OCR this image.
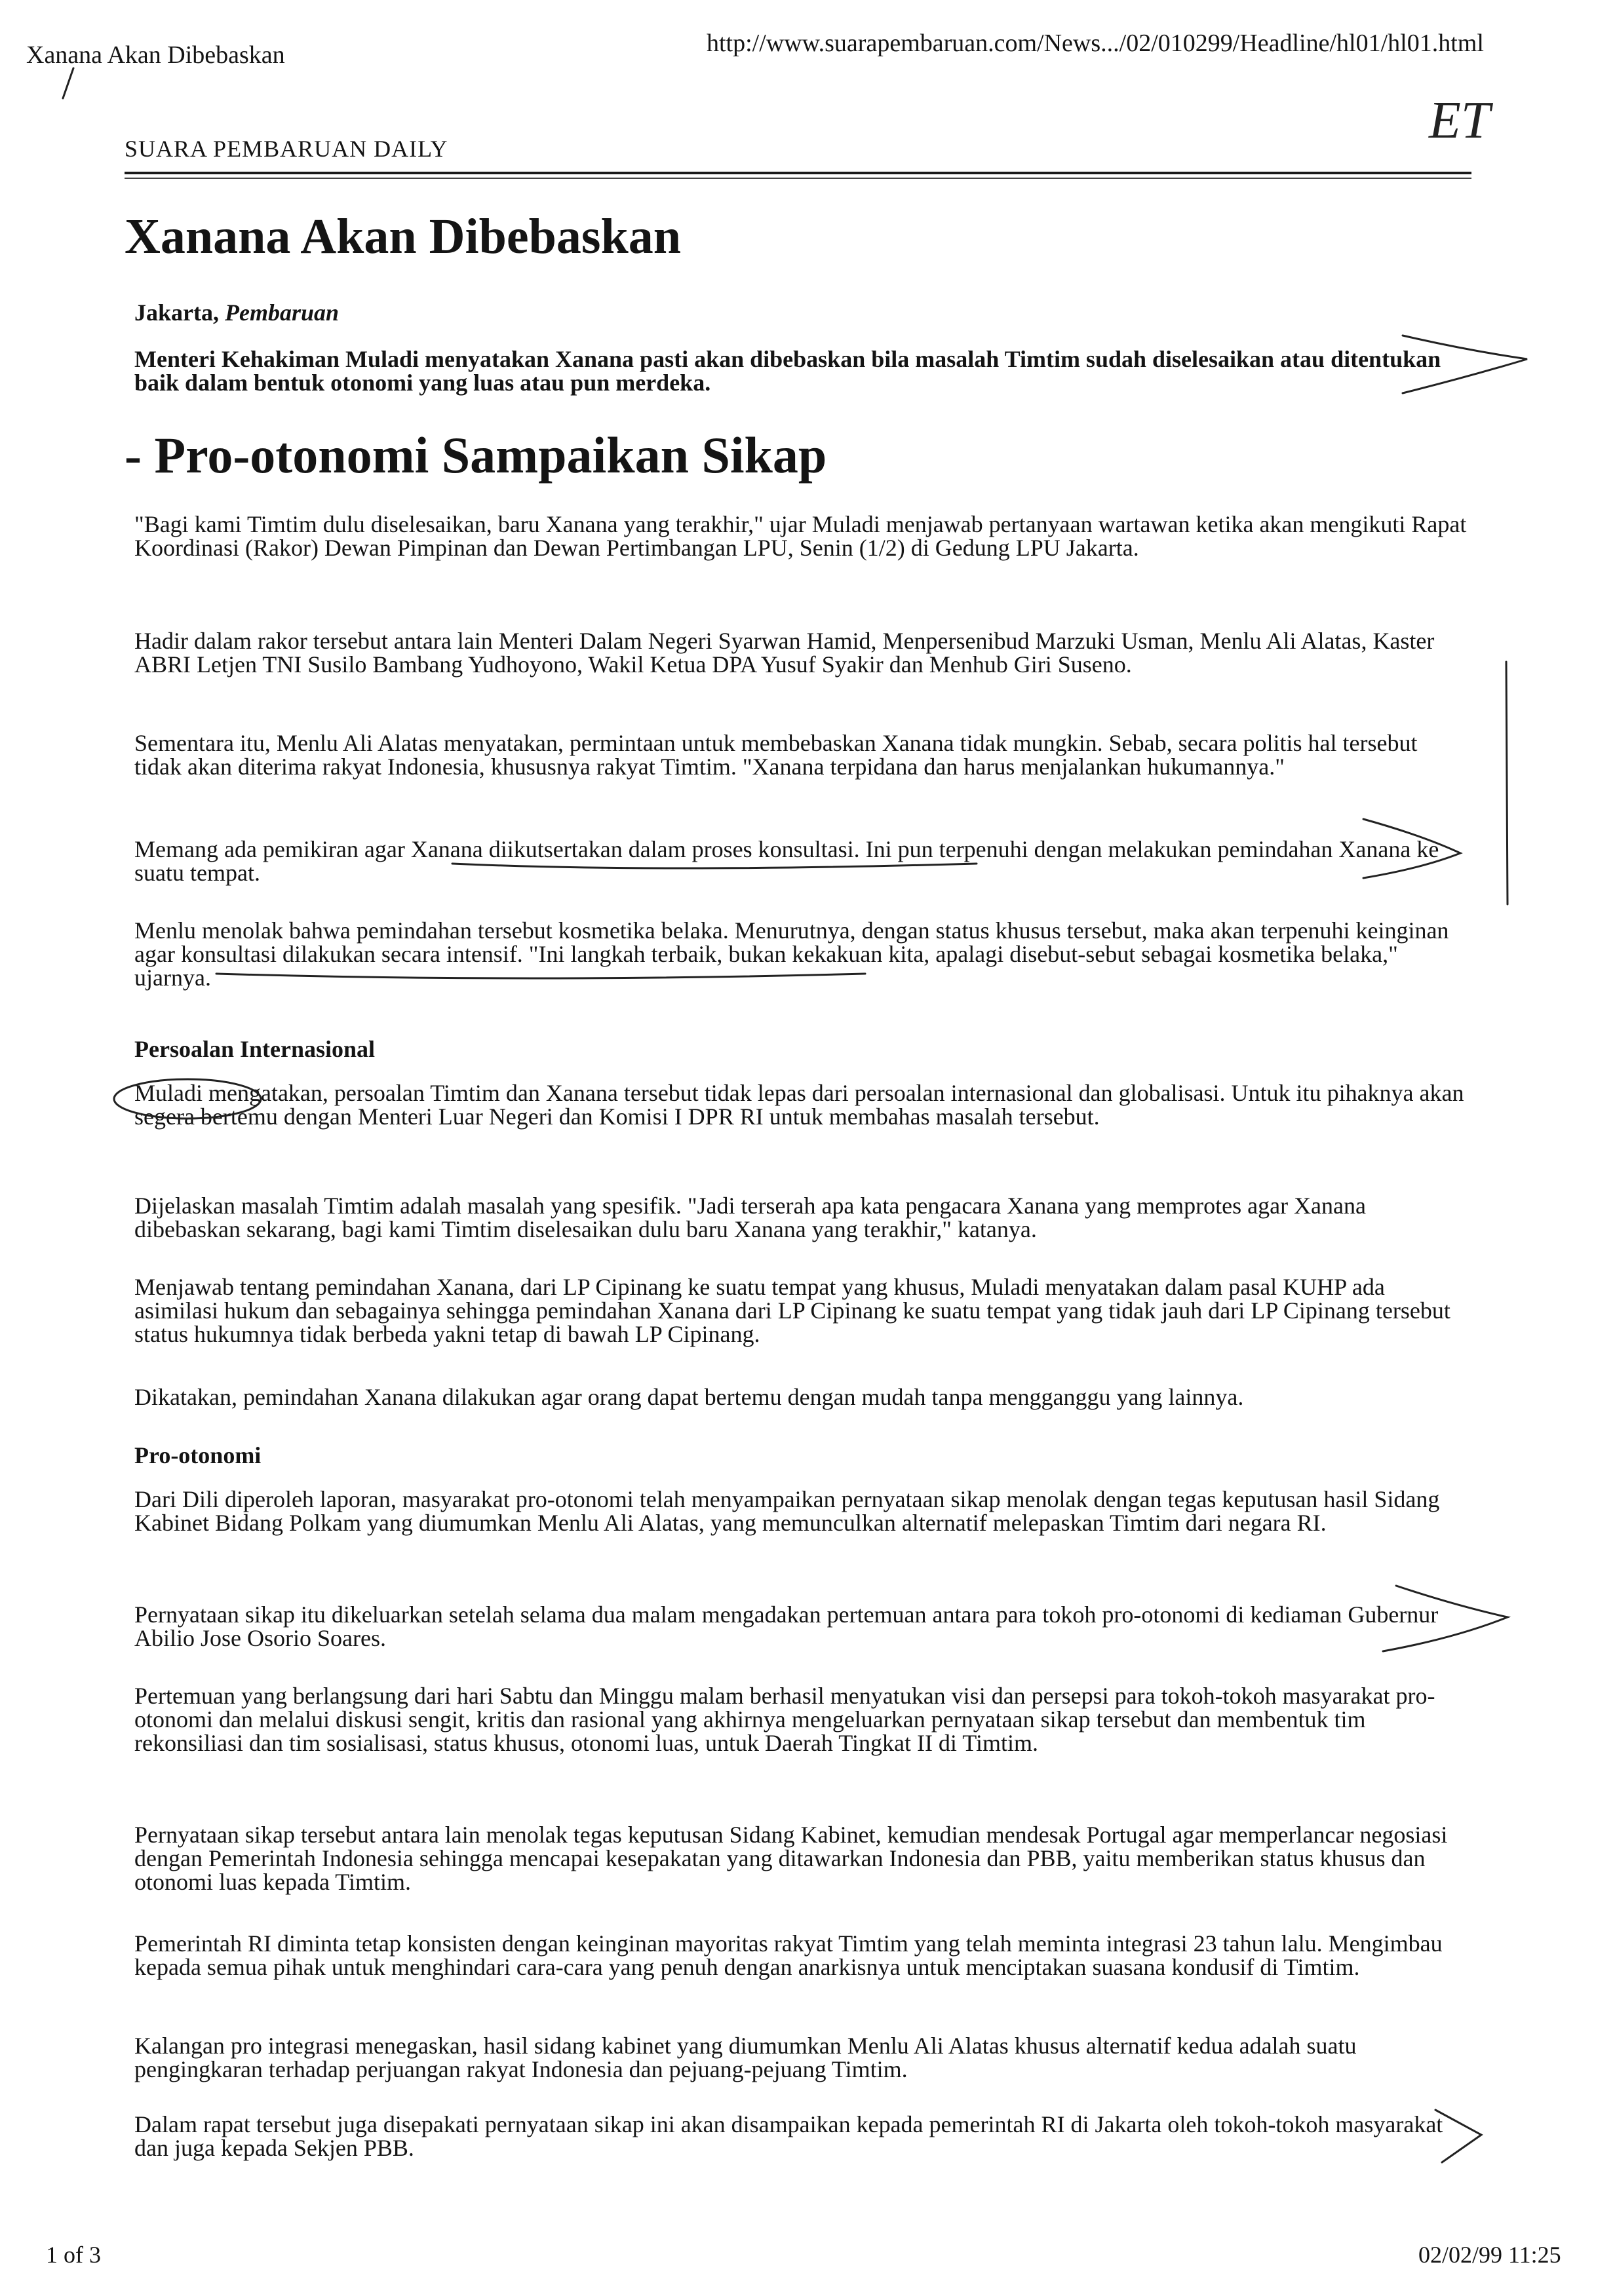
Xanana Akan Dibebaskan	http://www.suarapembaruan.com/News.../02/010299/Headline/hl01/hl01.html
SUARA PEMBARUAN DAILY
Xanana Akan Dibebaskan
Jakarta, Pembaruan
Menteri Kehakiman Muladi menyatakan Xanana pasti akan dibebaskan bila masalah Timtim sudah diselesaikan atau ditentukan baik dalam bentuk otonomi yang luas atau pun merdeka.
- Pro-otonomi Sampaikan Sikap
"Bagi kami Timtim dulu diselesaikan, baru Xanana yang terakhir," ujar Muladi menjawab pertanyaan wartawan ketika akan mengikuti Rapat Koordinasi (Rakor) Dewan Pimpinan dan Dewan Pertimbangan LPU, Senin (1/2) di Gedung LPU Jakarta.
Hadir dalam rakor tersebut antara lain Menteri Dalam Negeri Syarwan Hamid, Menpersenibud Marzuki Usman, Menlu Ali Alatas, Kaster ABRI Letjen TNI Susilo Bambang Yudhoyono, Wakil Ketua DPA Yusuf Syakir dan Menhub Giri Suseno.
Sementara itu, Menlu Ali Alatas menyatakan, permintaan untuk membebaskan Xanana tidak mungkin. Sebab, secara politis hal tersebut tidak akan diterima rakyat Indonesia, khususnya rakyat Timtim. "Xanana terpidana dan harus menjalankan hukumannya."
Memang ada pemikiran agar Xanana diikutsertakan dalam proses konsultasi. Ini pun terpenuhi dengan melakukan pemindahan Xanana ke suatu tempat.
Menlu menolak bahwa pemindahan tersebut kosmetika belaka. Menurutnya, dengan status khusus tersebut, maka akan terpenuhi keinginan agar konsultasi dilakukan secara intensif. "Ini langkah terbaik, bukan kekakuan kita, apalagi disebut-sebut sebagai kosmetika belaka," ujarnya.
Persoalan Internasional
Muladi mengatakan, persoalan Timtim dan Xanana tersebut tidak lepas dari persoalan internasional dan globalisasi. Untuk itu pihaknya akan segera bertemu dengan Menteri Luar Negeri dan Komisi I DPR RI untuk membahas masalah tersebut.
Dijelaskan masalah Timtim adalah masalah yang spesifik. "Jadi terserah apa kata pengacara Xanana yang memprotes agar Xanana dibebaskan sekarang, bagi kami Timtim diselesaikan dulu baru Xanana yang terakhir," katanya.
Menjawab tentang pemindahan Xanana, dari LP Cipinang ke suatu tempat yang khusus, Muladi menyatakan dalam pasal KUHP ada asimilasi hukum dan sebagainya sehingga pemindahan Xanana dari LP Cipinang ke suatu tempat yang tidak jauh dari LP Cipinang tersebut status hukumnya tidak berbeda yakni tetap di bawah LP Cipinang.
Dikatakan, pemindahan Xanana dilakukan agar orang dapat bertemu dengan mudah tanpa mengganggu yang lainnya.
Pro-otonomi
Dari Dili diperoleh laporan, masyarakat pro-otonomi telah menyampaikan pernyataan sikap menolak dengan tegas keputusan hasil Sidang Kabinet Bidang Polkam yang diumumkan Menlu Ali Alatas, yang memunculkan alternatif melepaskan Timtim dari negara RI.
Pernyataan sikap itu dikeluarkan setelah selama dua malam mengadakan pertemuan antara para tokoh pro-otonomi di kediaman Gubernur Abilio Jose Osorio Soares.
Pertemuan yang berlangsung dari hari Sabtu dan Minggu malam berhasil menyatukan visi dan persepsi para tokoh-tokoh masyarakat pro-otonomi dan melalui diskusi sengit, kritis dan rasional yang akhirnya mengeluarkan pernyataan sikap tersebut dan membentuk tim rekonsiliasi dan tim sosialisasi, status khusus, otonomi luas, untuk Daerah Tingkat II di Timtim.
Pernyataan sikap tersebut antara lain menolak tegas keputusan Sidang Kabinet, kemudian mendesak Portugal agar memperlancar negosiasi dengan Pemerintah Indonesia sehingga mencapai kesepakatan yang ditawarkan Indonesia dan PBB, yaitu memberikan status khusus dan otonomi luas kepada Timtim.
Pemerintah RI diminta tetap konsisten dengan keinginan mayoritas rakyat Timtim yang telah meminta integrasi 23 tahun lalu. Mengimbau kepada semua pihak untuk menghindari cara-cara yang penuh dengan anarkisnya untuk menciptakan suasana kondusif di Timtim.
Kalangan pro integrasi menegaskan, hasil sidang kabinet yang diumumkan Menlu Ali Alatas khusus alternatif kedua adalah suatu pengingkaran terhadap perjuangan rakyat Indonesia dan pejuang-pejuang Timtim.
Dalam rapat tersebut juga disepakati pernyataan sikap ini akan disampaikan kepada pemerintah RI di Jakarta oleh tokoh-tokoh masyarakat dan juga kepada Sekjen PBB.
1 of 3	02/02/99 11:25
ET
